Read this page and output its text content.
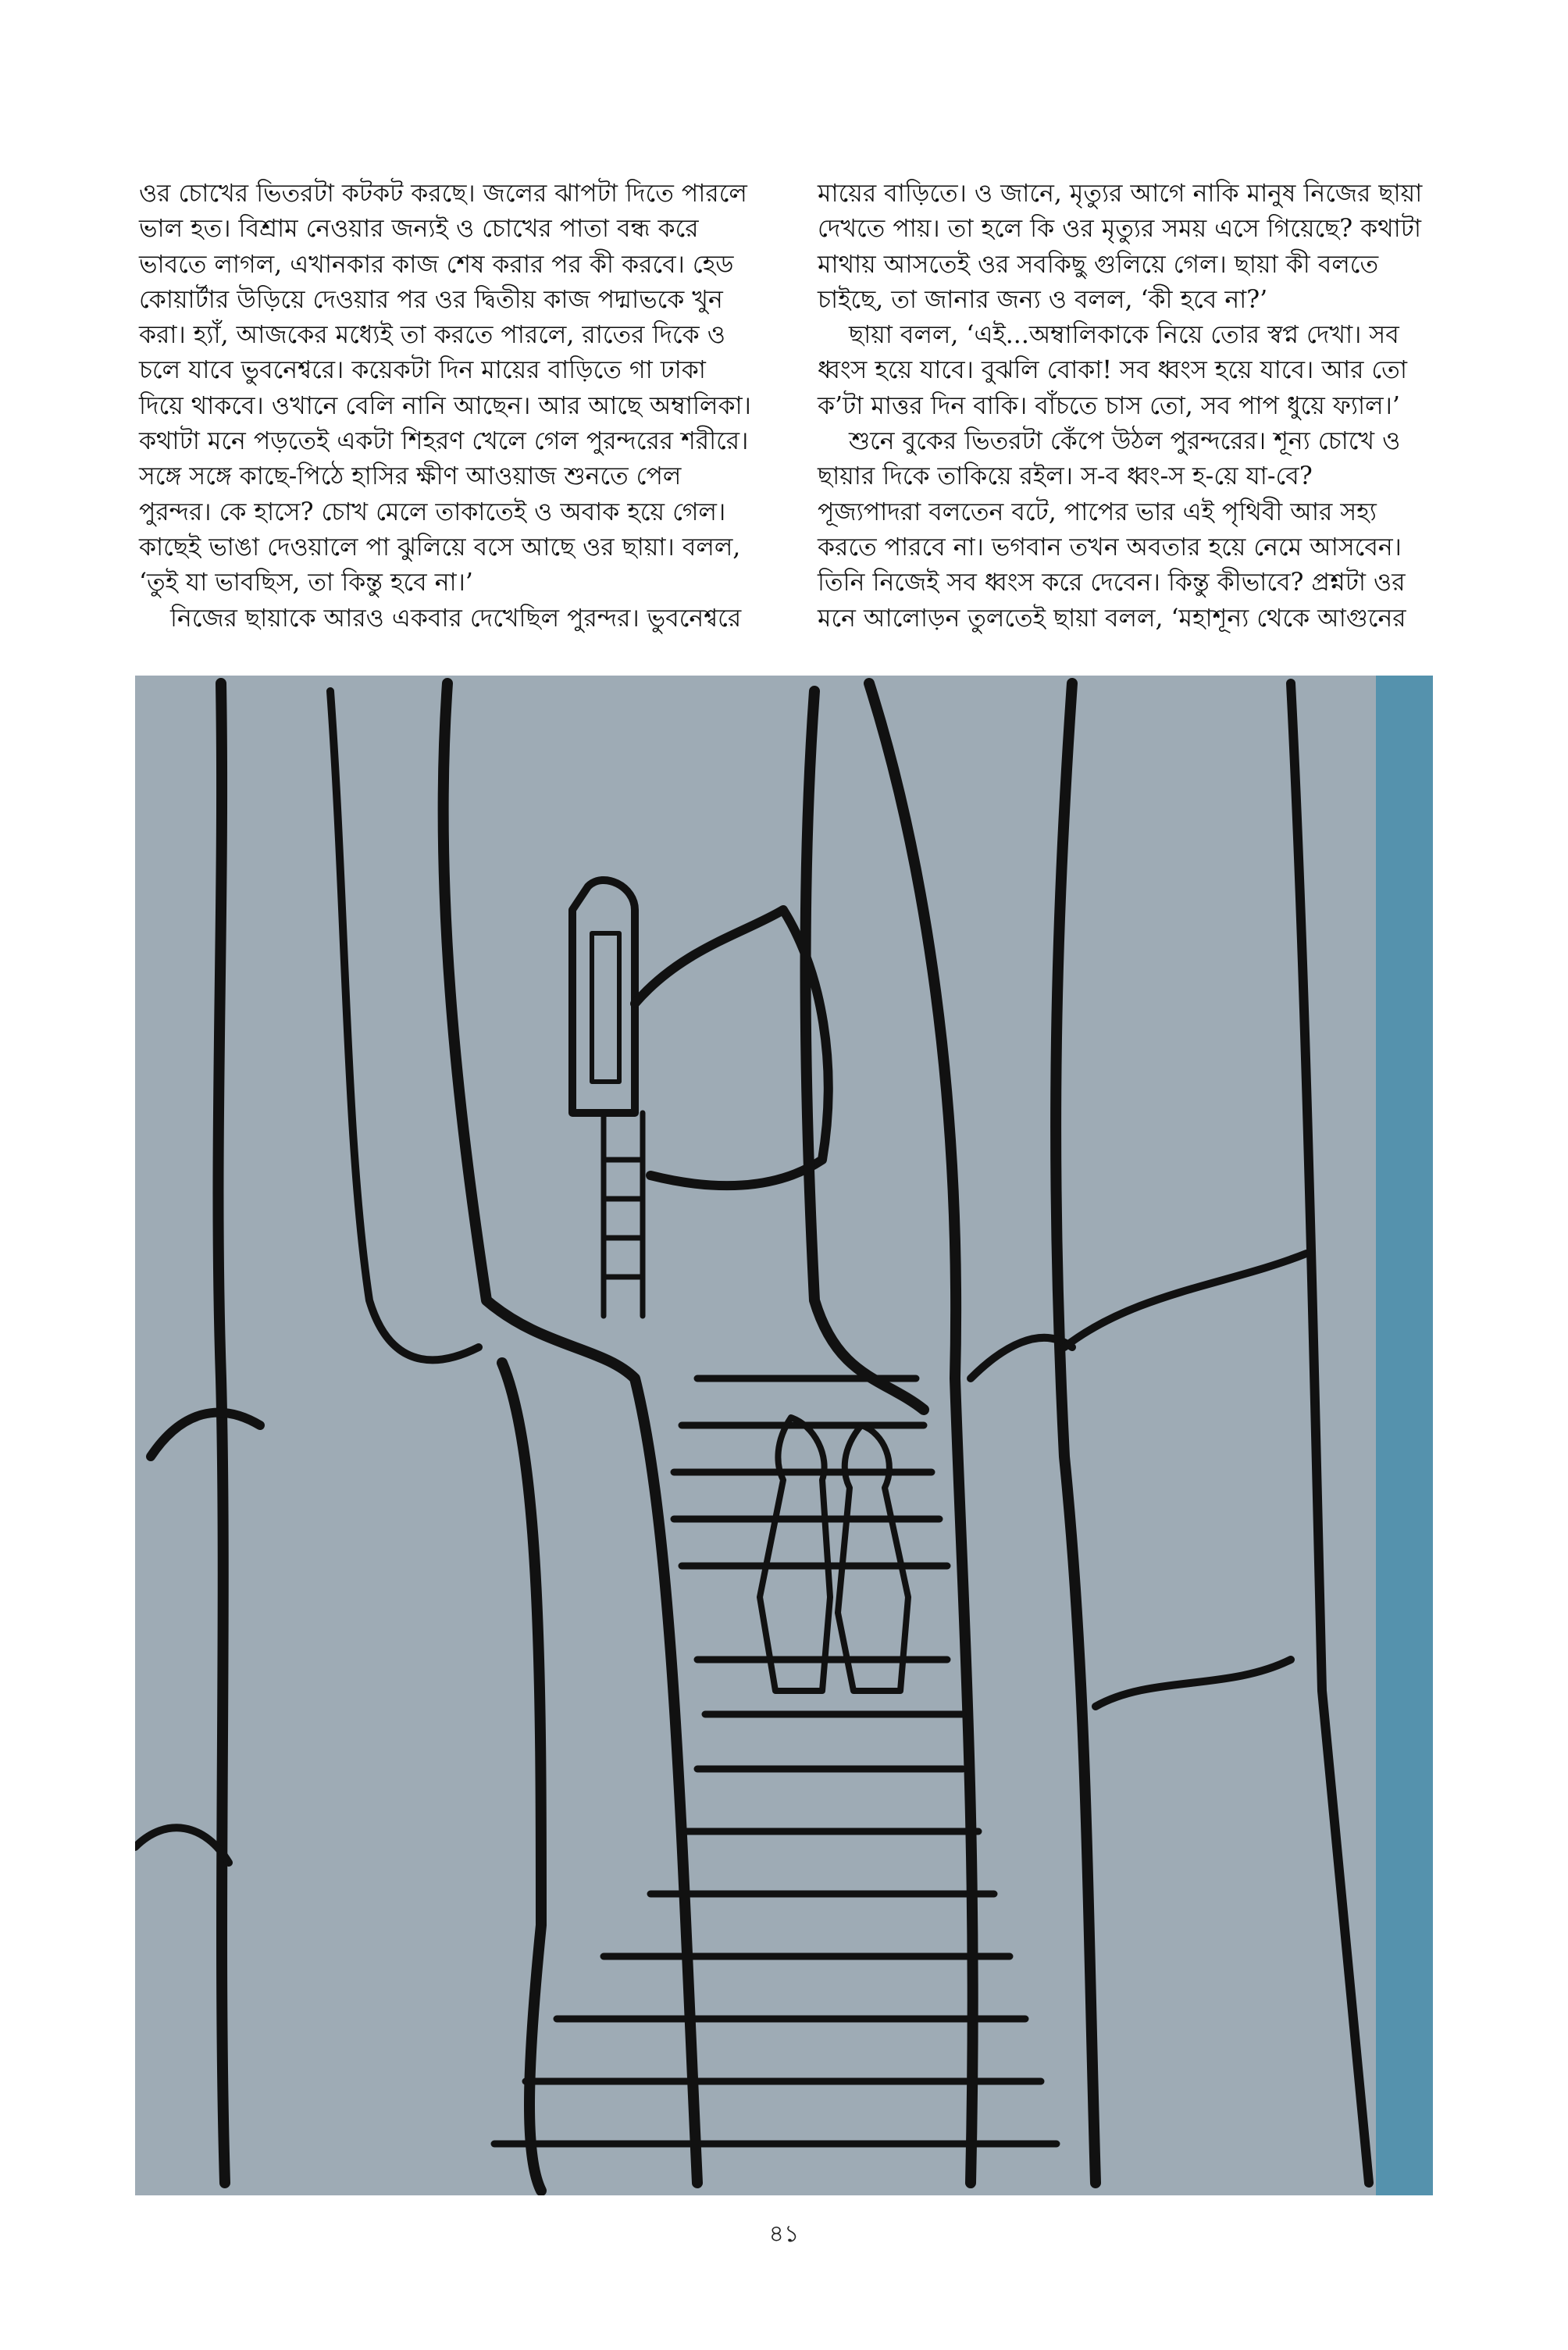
ওর চোখের ভিতরটা কটকট করছে। জলের ঝাপটা দিতে পারলে
ভাল হত। বিশ্রাম নেওয়ার জন্যই ও চোখের পাতা বন্ধ করে
ভাবতে লাগল, এখানকার কাজ শেষ করার পর কী করবে। হেড
কোয়ার্টার উড়িয়ে দেওয়ার পর ওর দ্বিতীয় কাজ পদ্মাভকে খুন
করা। হ্যাঁ, আজকের মধ্যেই তা করতে পারলে, রাতের দিকে ও
চলে যাবে ভুবনেশ্বরে। কয়েকটা দিন মায়ের বাড়িতে গা ঢাকা
দিয়ে থাকবে। ওখানে বেলি নানি আছেন। আর আছে অম্বালিকা।
কথাটা মনে পড়তেই একটা শিহরণ খেলে গেল পুরন্দরের শরীরে।
সঙ্গে সঙ্গে কাছে-পিঠে হাসির ক্ষীণ আওয়াজ শুনতে পেল
পুরন্দর। কে হাসে? চোখ মেলে তাকাতেই ও অবাক হয়ে গেল।
কাছেই ভাঙা দেওয়ালে পা ঝুলিয়ে বসে আছে ওর ছায়া। বলল,
‘তুই যা ভাবছিস, তা কিন্তু হবে না।’

নিজের ছায়াকে আরও একবার দেখেছিল পুরন্দর। ভুবনেশ্বরে

মায়ের বাড়িতে। ও জানে, মৃত্যুর আগে নাকি মানুষ নিজের ছায়া
দেখতে পায়। তা হলে কি ওর মৃত্যুর সময় এসে গিয়েছে? কথাটা
মাথায় আসতেই ওর সবকিছু গুলিয়ে গেল। ছায়া কী বলতে
চাইছে, তা জানার জন্য ও বলল, ‘কী হবে না?’

ছায়া বলল, ‘এই...অম্বালিকাকে নিয়ে তোর স্বপ্ন দেখা। সব
ধ্বংস হয়ে যাবে। বুঝলি বোকা! সব ধ্বংস হয়ে যাবে। আর তো
ক’টা মাত্তর দিন বাকি। বাঁচতে চাস তো, সব পাপ ধুয়ে ফ্যাল।’

শুনে বুকের ভিতরটা কেঁপে উঠল পুরন্দরের। শূন্য চোখে ও
ছায়ার দিকে তাকিয়ে রইল। স-ব ধ্বং-স হ-য়ে যা-বে?
পূজ্যপাদরা বলতেন বটে, পাপের ভার এই পৃথিবী আর সহ্য
করতে পারবে না। ভগবান তখন অবতার হয়ে নেমে আসবেন।
তিনি নিজেই সব ধ্বংস করে দেবেন। কিন্তু কীভাবে? প্রশ্নটা ওর
মনে আলোড়ন তুলতেই ছায়া বলল, ‘মহাশূন্য থেকে আগুনের

৪১
